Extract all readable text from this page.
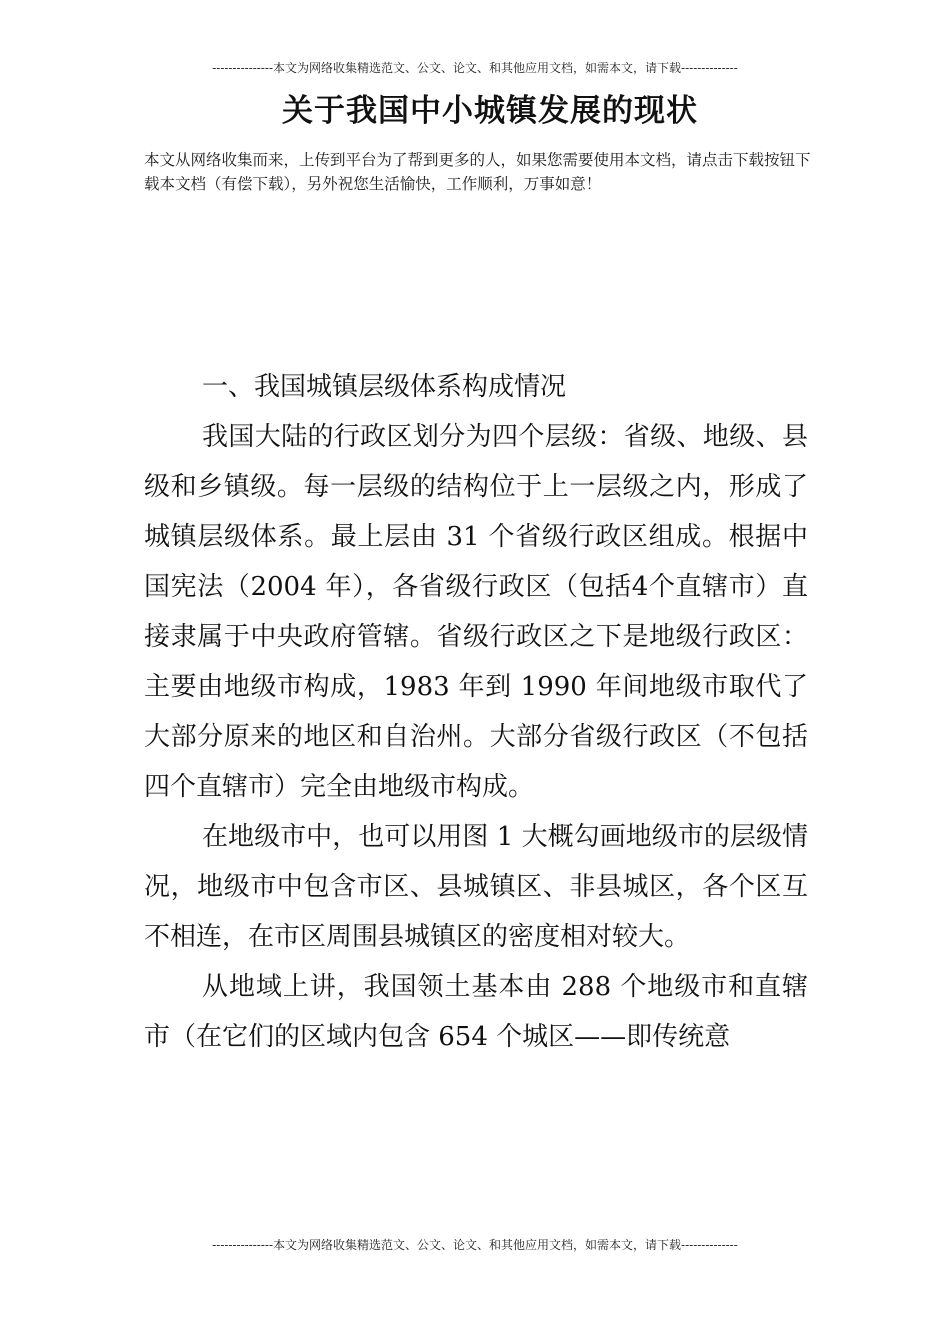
---------------本文为网络收集精选范文、公文、论文、和其他应用文档，如需本文，请下载--------------
关于我国中小城镇发展的现状
本文从网络收集而来，上传到平台为了帮到更多的人，如果您需要使用本文档，请点击下载按钮下载本文档（有偿下载），另外祝您生活愉快，工作顺利，万事如意！

一、我国城镇层级体系构成情况

我国大陆的行政区划分为四个层级：省级、地级、县级和乡镇级。每一层级的结构位于上一层级之内，形成了城镇层级体系。最上层由 31 个省级行政区组成。根据中国宪法（2004 年），各省级行政区（包括4个直辖市）直接隶属于中央政府管辖。省级行政区之下是地级行政区：主要由地级市构成，1983 年到 1990 年间地级市取代了大部分原来的地区和自治州。大部分省级行政区（不包括四个直辖市）完全由地级市构成。

在地级市中，也可以用图 1 大概勾画地级市的层级情况，地级市中包含市区、县城镇区、非县城区，各个区互不相连，在市区周围县城镇区的密度相对较大。

从地域上讲，我国领土基本由 288 个地级市和直辖市（在它们的区域内包含 654 个城区——即传统意

---------------本文为网络收集精选范文、公文、论文、和其他应用文档，如需本文，请下载--------------
